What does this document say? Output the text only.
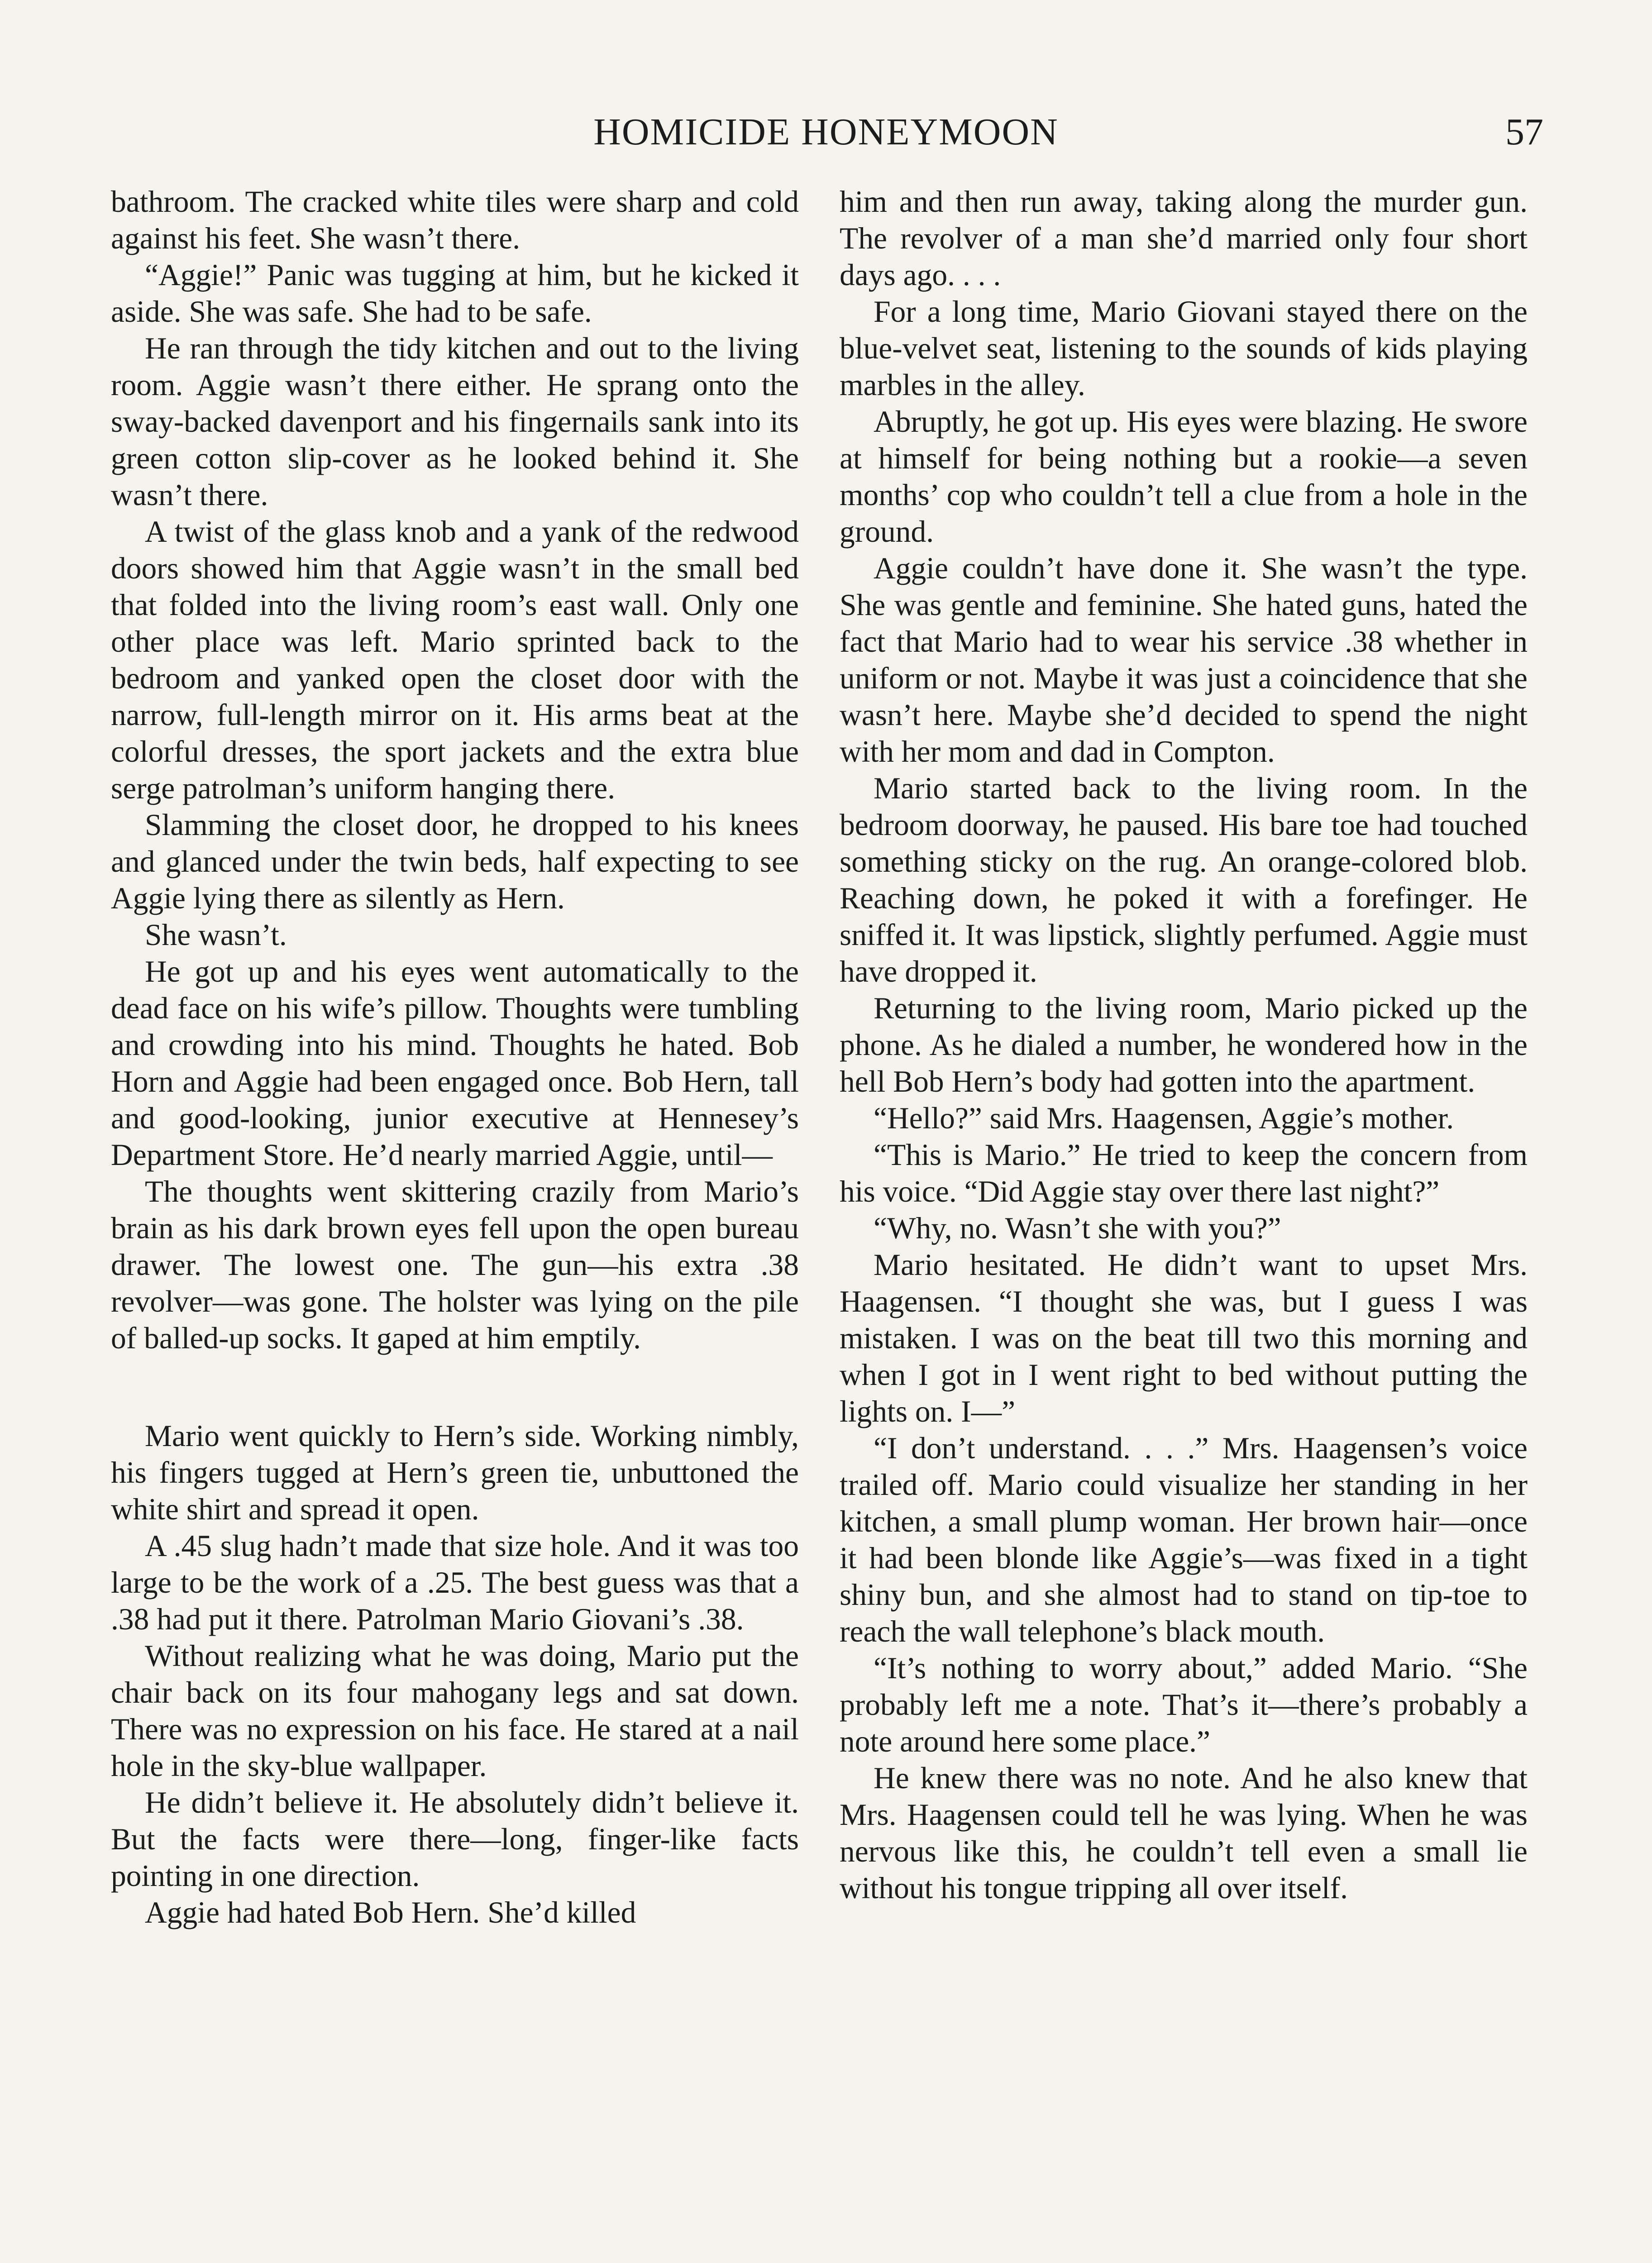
HOMICIDE HONEYMOON	57

bathroom. The cracked white tiles were sharp and cold against his feet. She wasn’t there.

“Aggie!” Panic was tugging at him, but he kicked it aside. She was safe. She had to be safe.

He ran through the tidy kitchen and out to the living room. Aggie wasn’t there either. He sprang onto the sway-backed davenport and his fingernails sank into its green cotton slip-cover as he looked behind it. She wasn’t there.

A twist of the glass knob and a yank of the redwood doors showed him that Aggie wasn’t in the small bed that folded into the living room’s east wall. Only one other place was left. Mario sprinted back to the bedroom and yanked open the closet door with the narrow, full-length mirror on it. His arms beat at the colorful dresses, the sport jackets and the extra blue serge patrolman’s uniform hanging there.

Slamming the closet door, he dropped to his knees and glanced under the twin beds, half expecting to see Aggie lying there as silently as Hern.

She wasn’t.

He got up and his eyes went automatically to the dead face on his wife’s pillow. Thoughts were tumbling and crowding into his mind. Thoughts he hated. Bob Horn and Aggie had been engaged once. Bob Hern, tall and good-looking, junior executive at Hennesey’s Department Store. He’d nearly married Aggie, until—

The thoughts went skittering crazily from Mario’s brain as his dark brown eyes fell upon the open bureau drawer. The lowest one. The gun—his extra .38 revolver—was gone. The holster was lying on the pile of balled-up socks. It gaped at him emptily.

Mario went quickly to Hern’s side. Working nimbly, his fingers tugged at Hern’s green tie, unbuttoned the white shirt and spread it open.

A .45 slug hadn’t made that size hole. And it was too large to be the work of a .25. The best guess was that a .38 had put it there. Patrolman Mario Giovani’s .38.

Without realizing what he was doing, Mario put the chair back on its four mahogany legs and sat down. There was no expression on his face. He stared at a nail hole in the sky-blue wallpaper.

He didn’t believe it. He absolutely didn’t believe it. But the facts were there—long, finger-like facts pointing in one direction.

Aggie had hated Bob Hern. She’d killed

him and then run away, taking along the murder gun. The revolver of a man she’d married only four short days ago. . . .

For a long time, Mario Giovani stayed there on the blue-velvet seat, listening to the sounds of kids playing marbles in the alley.

Abruptly, he got up. His eyes were blazing. He swore at himself for being nothing but a rookie—a seven months’ cop who couldn’t tell a clue from a hole in the ground.

Aggie couldn’t have done it. She wasn’t the type. She was gentle and feminine. She hated guns, hated the fact that Mario had to wear his service .38 whether in uniform or not. Maybe it was just a coincidence that she wasn’t here. Maybe she’d decided to spend the night with her mom and dad in Compton.

Mario started back to the living room. In the bedroom doorway, he paused. His bare toe had touched something sticky on the rug. An orange-colored blob. Reaching down, he poked it with a forefinger. He sniffed it. It was lipstick, slightly perfumed. Aggie must have dropped it.

Returning to the living room, Mario picked up the phone. As he dialed a number, he wondered how in the hell Bob Hern’s body had gotten into the apartment.

“Hello?” said Mrs. Haagensen, Aggie’s mother.

“This is Mario.” He tried to keep the concern from his voice. “Did Aggie stay over there last night?”

“Why, no. Wasn’t she with you?”

Mario hesitated. He didn’t want to upset Mrs. Haagensen. “I thought she was, but I guess I was mistaken. I was on the beat till two this morning and when I got in I went right to bed without putting the lights on. I—”

“I don’t understand. . . .” Mrs. Haagensen’s voice trailed off. Mario could visualize her standing in her kitchen, a small plump woman. Her brown hair—once it had been blonde like Aggie’s—was fixed in a tight shiny bun, and she almost had to stand on tip-toe to reach the wall telephone’s black mouth.

“It’s nothing to worry about,” added Mario. “She probably left me a note. That’s it—there’s probably a note around here some place.”

He knew there was no note. And he also knew that Mrs. Haagensen could tell he was lying. When he was nervous like this, he couldn’t tell even a small lie without his tongue tripping all over itself.
